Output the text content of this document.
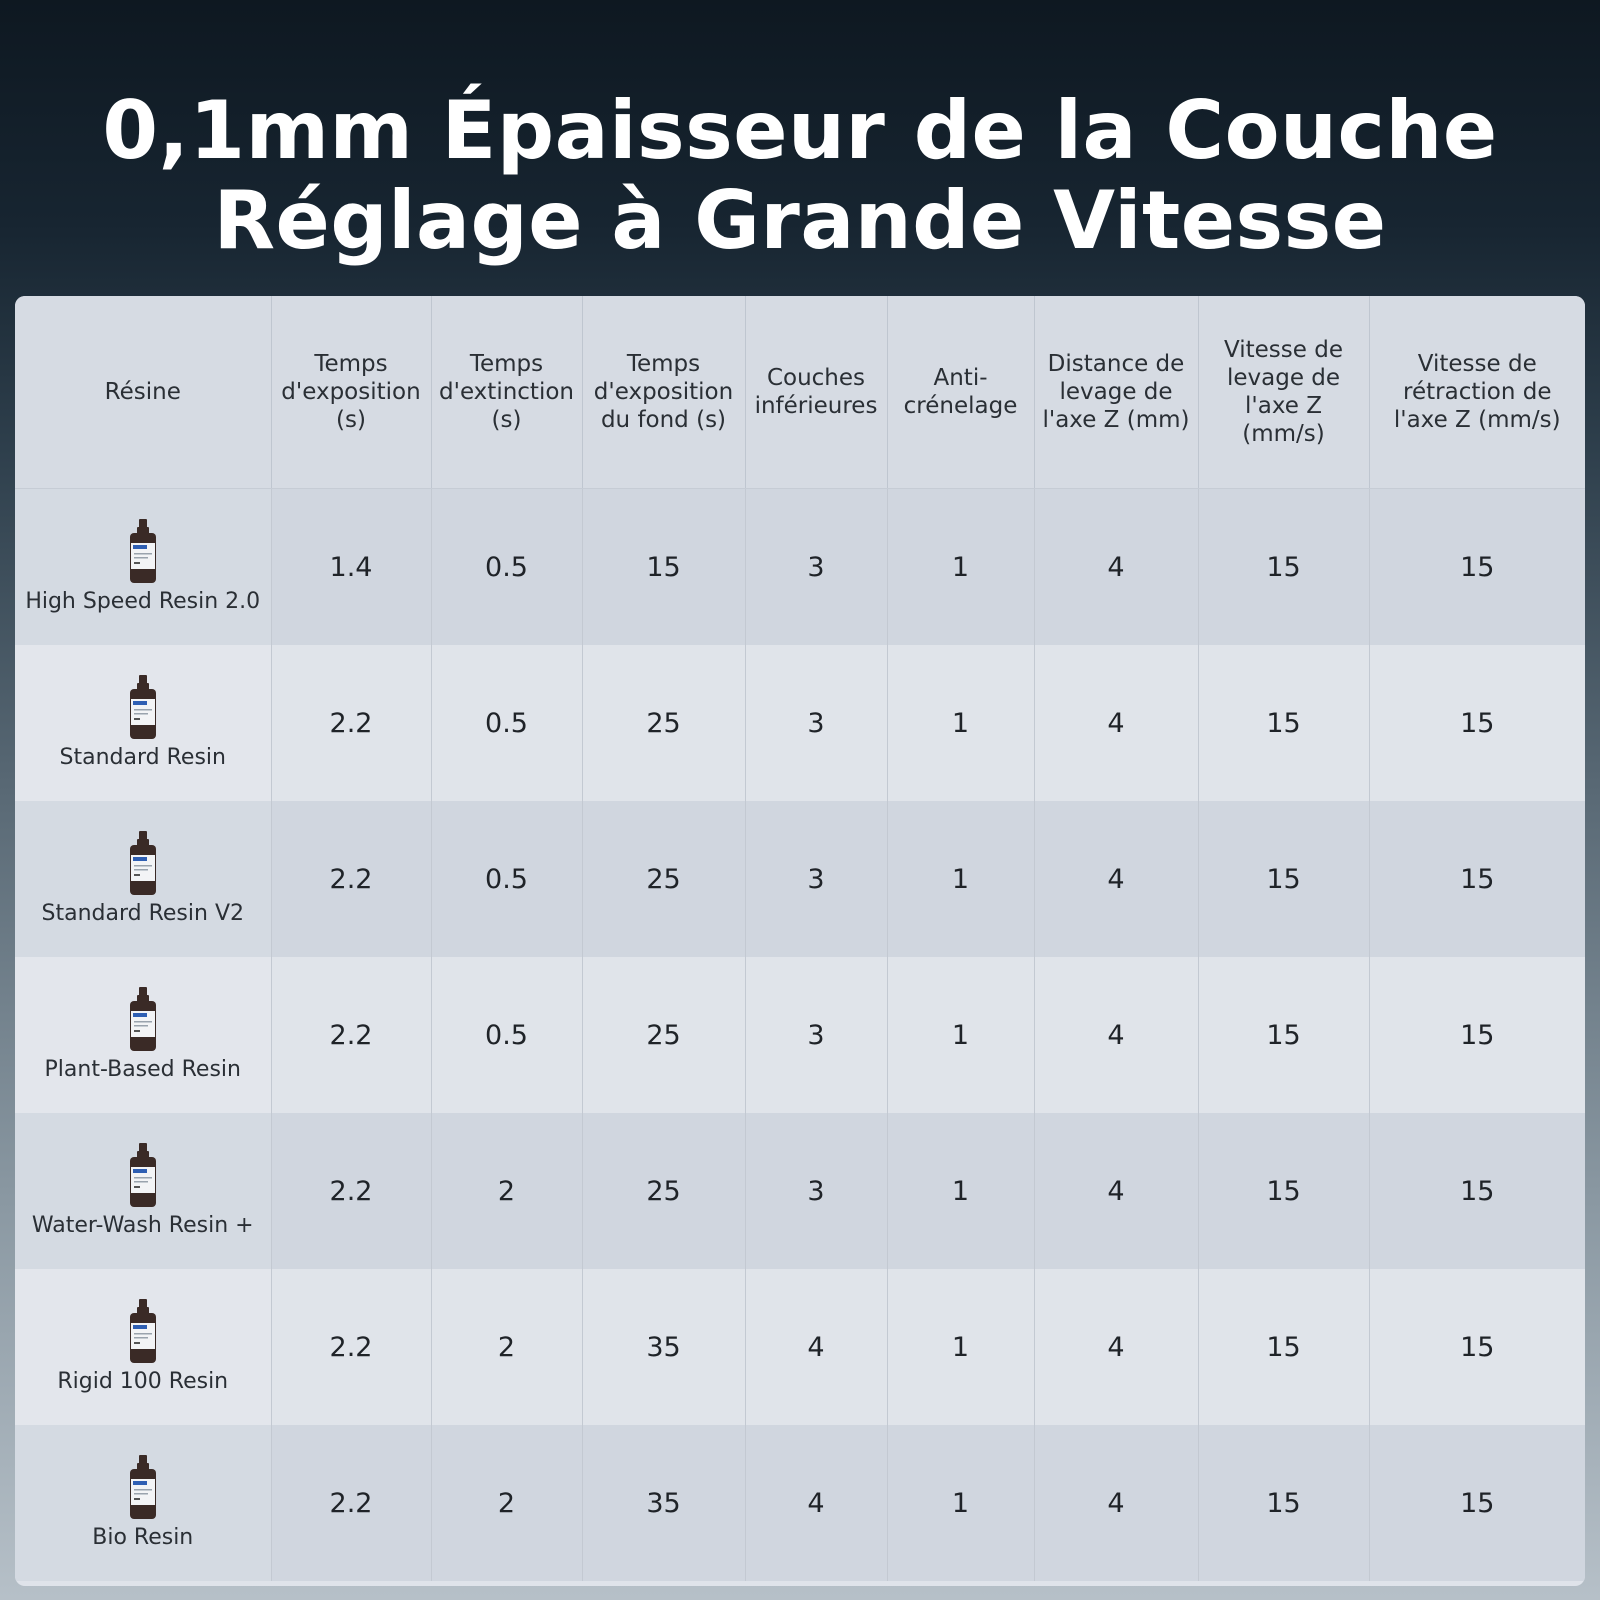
0,1mm Épaisseur de la Couche
Réglage à Grande Vitesse
Résine	Temps d'exposition (s)	Temps d'extinction (s)	Temps d'exposition du fond (s)	Couches inférieures	Anti-crénelage	Distance de levage de l'axe Z (mm)	Vitesse de levage de l'axe Z (mm/s)	Vitesse de rétraction de l'axe Z (mm/s)

High Speed Resin 2.0	1.4	0.5	15	3	1	4	15	15

Standard Resin	2.2	0.5	25	3	1	4	15	15

Standard Resin V2	2.2	0.5	25	3	1	4	15	15

Plant-Based Resin	2.2	0.5	25	3	1	4	15	15

Water-Wash Resin +	2.2	2	25	3	1	4	15	15

Rigid 100 Resin	2.2	2	35	4	1	4	15	15

Bio Resin	2.2	2	35	4	1	4	15	15
